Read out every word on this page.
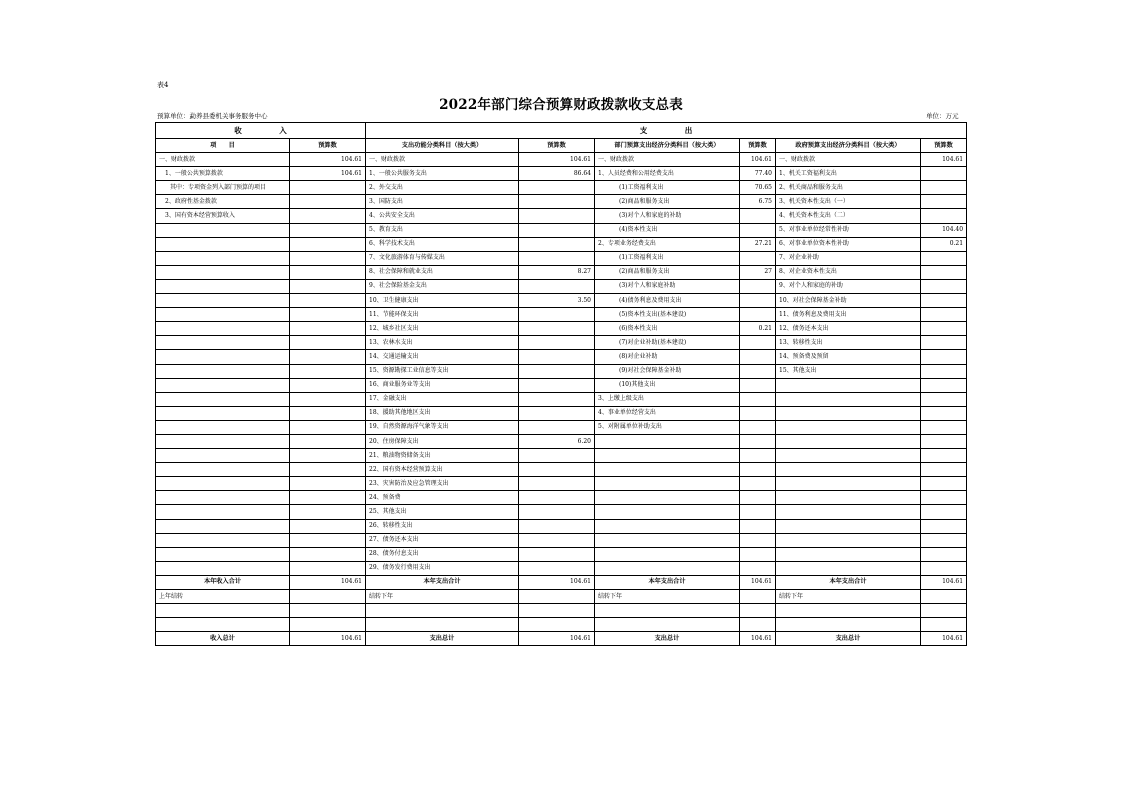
表4
2022年部门综合预算财政拨款收支总表
预算单位：勐养县委机关事务服务中心	单位：万元
收　　　　　入		支　　　　　出					
项　　目	预算数	支出功能分类科目（按大类）	预算数	部门预算支出经济分类科目（按大类）	预算数	政府预算支出经济分类科目（按大类）	预算数
一、财政拨款	104.61	一、财政拨款	104.61	一、财政拨款	104.61	一、财政拨款	104.61
1、一般公共预算拨款	104.61	1、一般公共服务支出	86.64	1、人员经费和公用经费支出	77.40	1、机关工资福利支出	
其中：专项资金列入部门预算的项目		2、外交支出		(1)工资福利支出	70.65	2、机关商品和服务支出	
2、政府性基金拨款		3、国防支出		(2)商品和服务支出	6.75	3、机关资本性支出（一）	
3、国有资本经营预算收入		4、公共安全支出		(3)对个人和家庭的补助		4、机关资本性支出（二）	
		5、教育支出		(4)资本性支出		5、对事业单位经常性补助	104.40
		6、科学技术支出		2、专项业务经费支出	27.21	6、对事业单位资本性补助	0.21
		7、文化旅游体育与传媒支出		(1)工资福利支出		7、对企业补助	
		8、社会保障和就业支出	8.27	(2)商品和服务支出	27	8、对企业资本性支出	
		9、社会保险基金支出		(3)对个人和家庭补助		9、对个人和家庭的补助	
		10、卫生健康支出	3.50	(4)债务利息及费用支出		10、对社会保障基金补助	
		11、节能环保支出		(5)资本性支出(基本建设)		11、债务利息及费用支出	
		12、城乡社区支出		(6)资本性支出	0.21	12、债务还本支出	
		13、农林水支出		(7)对企业补助(基本建设)		13、转移性支出	
		14、交通运输支出		(8)对企业补助		14、预备费及预留	
		15、资源勘探工业信息等支出		(9)对社会保障基金补助		15、其他支出	
		16、商业服务业等支出		(10)其他支出			
		17、金融支出		3、上缴上级支出			
		18、援助其他地区支出		4、事业单位经营支出			
		19、自然资源海洋气象等支出		5、对附属单位补助支出			
		20、住房保障支出	6.20				
		21、粮油物资储备支出					
		22、国有资本经营预算支出					
		23、灾害防治及应急管理支出					
		24、预备费					
		25、其他支出					
		26、转移性支出					
		27、债务还本支出					
		28、债务付息支出					
		29、债务发行费用支出					
本年收入合计	104.61	本年支出合计	104.61	本年支出合计	104.61	本年支出合计	104.61
上年结转		结转下年		结转下年		结转下年	

收入总计	104.61	支出总计	104.61	支出总计	104.61	支出总计	104.61
